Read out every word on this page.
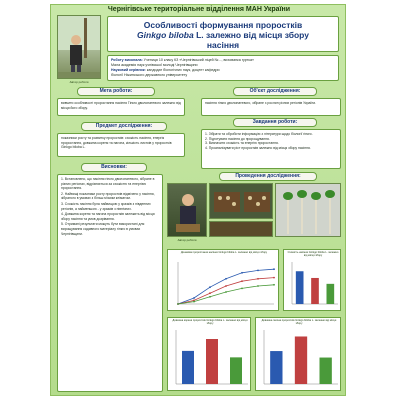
Чернігівське територіальне відділення МАН України
Автор роботи
Особливості формування проростків
Ginkgo biloba L. залежно від місця збору
насіння
Роботу виконала: Учениця 10 класу КЗ «Чернігівський ліцей №..., вихованка гуртка»
Мала академія наук учнівської молоді Чернігівщини
Науковий керівник: кандидат біологічних наук, доцент кафедри
біології Ніжинського державного університету
Мета роботи:

вивчити особливості проростання насіння Гінкго дволопатевого залежно від місця його збору.

Об'єкт дослідження:

насіння гінкго дволопатевого, зібране з рослин різних регіонів України.

Предмет дослідження:

показники росту та розвитку проростків: схожість насіння, енергія проростання, довжина кореня та пагона, кількість листків у проростків Ginkgo biloba L.

Завдання роботи:
1. Зібрати та обробити інформацію з літератури щодо біології гінкго.
2. Підготувати насіння до пророщування.
3. Визначити схожість та енергію проростання.
4. Проаналізувати ріст проростків залежно від місця збору насіння.
Висновки:

1. Встановлено, що насіння гінкго дволопатевого, зібране в різних регіонах, відрізняється за схожістю та енергією проростання.

2. Найвищі показники росту проростків відмічено у насіння, зібраного в умовах з більш м'яким кліматом.

3. Схожість насіння була найвищою у зразків з південних регіонів, а найменшою - у зразків з північних.

4. Довжина кореня та пагона проростків залежить від місця збору насіння та умов дозрівання.

5. Отримані результати можуть бути використані для вирощування садивного матеріалу гінкго в умовах Чернігівщини.

Проведення дослідження:
Автор роботи
Динаміка проростання насіння Ginkgo biloba L. залежно від місця збору	Схожість насіння Ginkgo biloba L. залежно від місця збору
Довжина кореня проростків Ginkgo biloba L. залежно від місця збору
Довжина пагона проростків Ginkgo biloba L. залежно від місця збору
